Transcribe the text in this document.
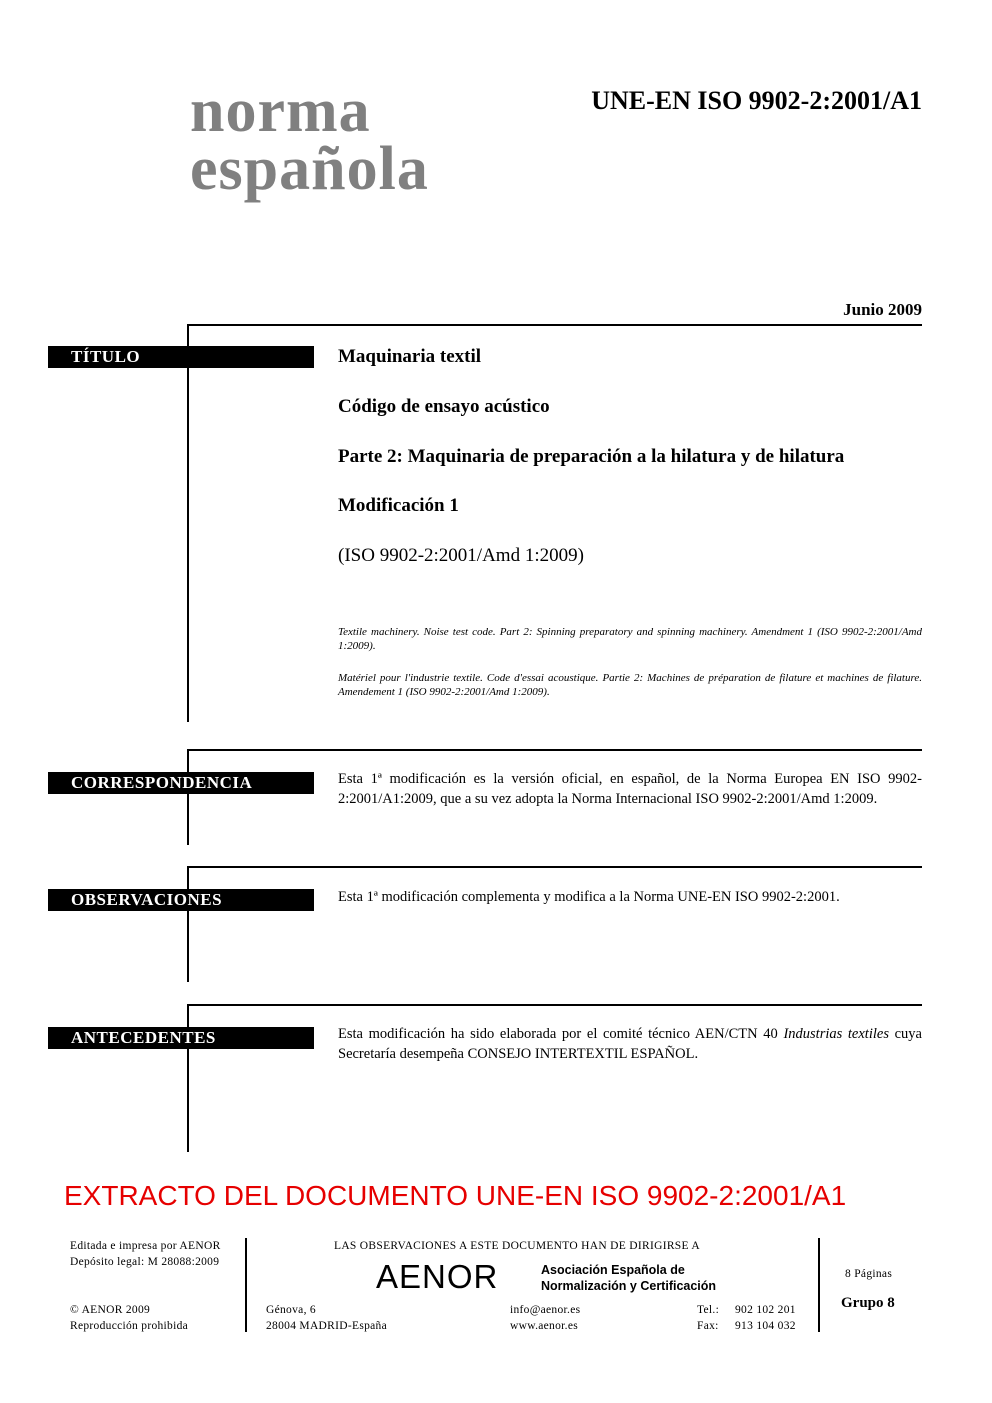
norma
española
UNE-EN ISO 9902-2:2001/A1
Junio 2009
TÍTULO	Maquinaria textil
Código de ensayo acústico
Parte 2: Maquinaria de preparación a la hilatura y de hilatura
Modificación 1
(ISO 9902-2:2001/Amd 1:2009)
Textile machinery. Noise test code. Part 2: Spinning preparatory and spinning machinery. Amendment 1 (ISO 9902-2:2001/Amd 1:2009).
Matériel pour l'industrie textile. Code d'essai acoustique. Partie 2: Machines de préparation de filature et machines de filature. Amendement 1 (ISO 9902-2:2001/Amd 1:2009).
CORRESPONDENCIA	Esta 1ª modificación es la versión oficial, en español, de la Norma Europea EN ISO 9902-2:2001/A1:2009, que a su vez adopta la Norma Internacional ISO 9902-2:2001/Amd 1:2009.
OBSERVACIONES	Esta 1ª modificación complementa y modifica a la Norma UNE-EN ISO 9902-2:2001.
ANTECEDENTES	Esta modificación ha sido elaborada por el comité técnico AEN/CTN 40 Industrias textiles cuya Secretaría desempeña CONSEJO INTERTEXTIL ESPAÑOL.
EXTRACTO DEL DOCUMENTO UNE-EN ISO 9902-2:2001/A1
Editada e impresa por AENOR
Depósito legal: M 28088:2009
© AENOR 2009
Reproducción prohibida
LAS OBSERVACIONES A ESTE DOCUMENTO HAN DE DIRIGIRSE A
AENOR	Asociación Española de
Normalización y Certificación
Génova, 6
28004 MADRID-España
info@aenor.es
www.aenor.es
Tel.: 902 102 201
Fax: 913 104 032
8 Páginas
Grupo 8
